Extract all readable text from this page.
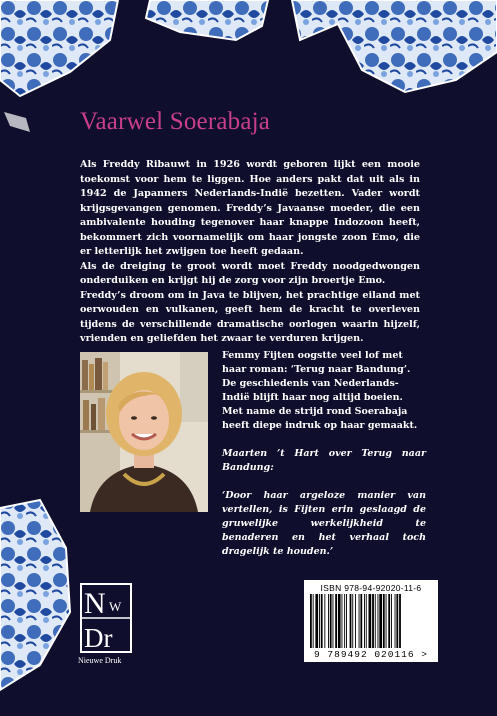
Vaarwel Soerabaja

Als Freddy Ribauwt in 1926 wordt geboren lijkt een mooie toekomst voor hem te liggen. Hoe anders pakt dat uit als in 1942 de Japanners Nederlands-Indië bezetten. Vader wordt krijgsgevangen genomen. Freddy’s Javaanse moeder, die een ambivalente houding tegenover haar knappe Indozoon heeft, bekommert zich voornamelijk om haar jongste zoon Emo, die er letterlijk het zwijgen toe heeft gedaan.

Als de dreiging te groot wordt moet Freddy noodgedwongen onderduiken en krijgt hij de zorg voor zijn broertje Emo.

Freddy’s droom om in Java te blijven, het prachtige eiland met oerwouden en vulkanen, geeft hem de kracht te overleven tijdens de verschillende dramatische oorlogen waarin hijzelf, vrienden en geliefden het zwaar te verduren krijgen.

Femmy Fijten oogstte veel lof met haar roman: ‘Terug naar Bandung’.

De geschiedenis van Nederlands-Indië blijft haar nog altijd boeien. Met name de strijd rond Soerabaja heeft diepe indruk op haar gemaakt.

Maarten ’t Hart over Terug naar Bandung:

‘Door haar argeloze manier van vertellen, is Fijten erin geslaagd de gruwelijke werkelijkheid te benaderen en het verhaal toch dragelijk te houden.’

N W
Dr
Nieuwe Druk
ISBN 978-94-92020-11-6
9 789492 020116 >
